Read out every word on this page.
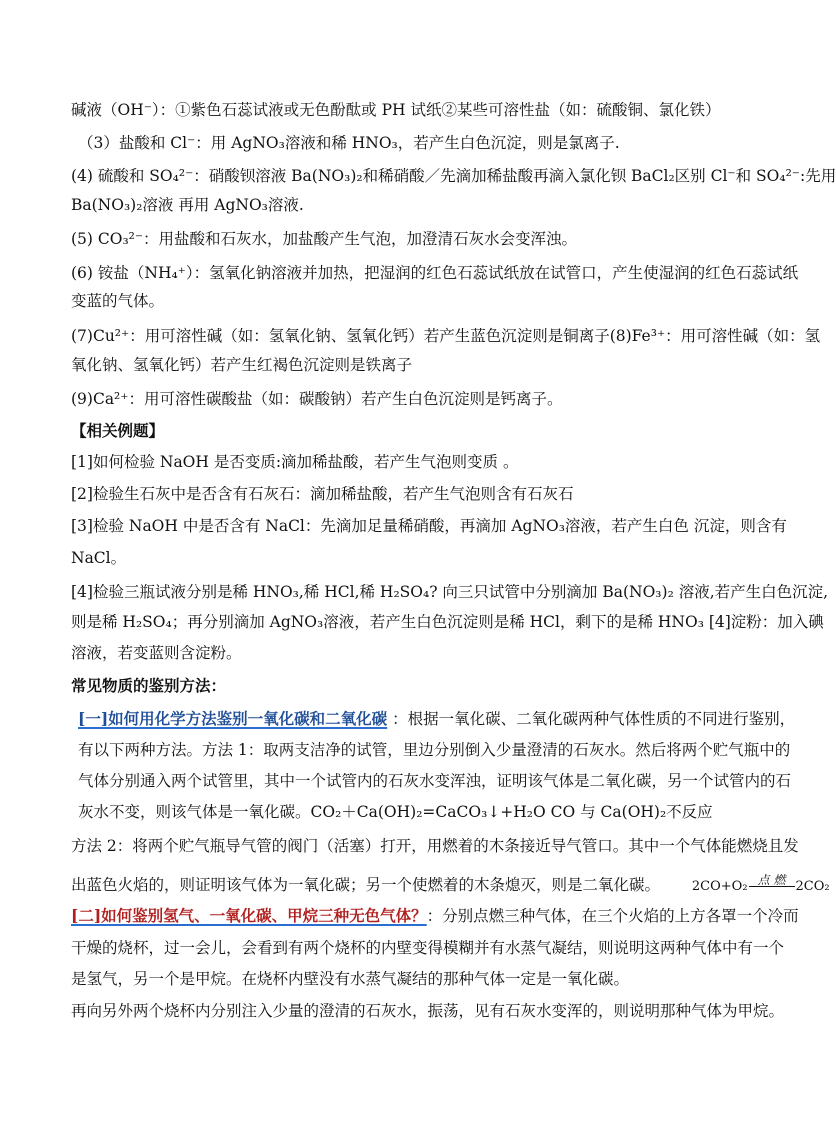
碱液（OH⁻）：①紫色石蕊试液或无色酚酞或 PH 试纸②某些可溶性盐（如：硫酸铜、氯化铁）
（3）盐酸和 Cl⁻：用 AgNO₃溶液和稀 HNO₃，若产生白色沉淀，则是氯离子.
(4) 硫酸和 SO₄²⁻：硝酸钡溶液 Ba(NO₃)₂和稀硝酸／先滴加稀盐酸再滴入氯化钡 BaCl₂区别 Cl⁻和 SO₄²⁻:先用
Ba(NO₃)₂溶液 再用 AgNO₃溶液.
(5) CO₃²⁻：用盐酸和石灰水，加盐酸产生气泡，加澄清石灰水会变浑浊。
(6) 铵盐（NH₄⁺）：氢氧化钠溶液并加热，把湿润的红色石蕊试纸放在试管口，产生使湿润的红色石蕊试纸
变蓝的气体。
(7)Cu²⁺：用可溶性碱（如：氢氧化钠、氢氧化钙）若产生蓝色沉淀则是铜离子(8)Fe³⁺：用可溶性碱（如：氢
氧化钠、氢氧化钙）若产生红褐色沉淀则是铁离子
(9)Ca²⁺：用可溶性碳酸盐（如：碳酸钠）若产生白色沉淀则是钙离子。
【相关例题】
[1]如何检验 NaOH 是否变质:滴加稀盐酸，若产生气泡则变质 。
[2]检验生石灰中是否含有石灰石：滴加稀盐酸，若产生气泡则含有石灰石
[3]检验 NaOH 中是否含有 NaCl：先滴加足量稀硝酸，再滴加 AgNO₃溶液，若产生白色 沉淀，则含有
NaCl。
[4]检验三瓶试液分别是稀 HNO₃,稀 HCl,稀 H₂SO₄? 向三只试管中分别滴加 Ba(NO₃)₂ 溶液,若产生白色沉淀,
则是稀 H₂SO₄；再分别滴加 AgNO₃溶液，若产生白色沉淀则是稀 HCl，剩下的是稀 HNO₃ [4]淀粉：加入碘
溶液，若变蓝则含淀粉。
常见物质的鉴别方法：
[一]如何用化学方法鉴别一氧化碳和二氧化碳 ：根据一氧化碳、二氧化碳两种气体性质的不同进行鉴别，
有以下两种方法。方法 1：取两支洁净的试管，里边分别倒入少量澄清的石灰水。然后将两个贮气瓶中的
气体分别通入两个试管里，其中一个试管内的石灰水变浑浊，证明该气体是二氧化碳，另一个试管内的石
灰水不变，则该气体是一氧化碳。CO₂＋Ca(OH)₂=CaCO₃↓+H₂O CO 与 Ca(OH)₂不反应
方法 2：将两个贮气瓶导气管的阀门（活塞）打开，用燃着的木条接近导气管口。其中一个气体能燃烧且发
出蓝色火焰的，则证明该气体为一氧化碳；另一个使燃着的木条熄灭，则是二氧化碳。 2CO+O₂ 点 燃 2CO₂
[二]如何鉴别氢气、一氧化碳、甲烷三种无色气体？：分别点燃三种气体，在三个火焰的上方各罩一个冷而
干燥的烧杯，过一会儿，会看到有两个烧杯的内壁变得模糊并有水蒸气凝结，则说明这两种气体中有一个
是氢气，另一个是甲烷。在烧杯内壁没有水蒸气凝结的那种气体一定是一氧化碳。
再向另外两个烧杯内分别注入少量的澄清的石灰水，振荡，见有石灰水变浑的，则说明那种气体为甲烷。
